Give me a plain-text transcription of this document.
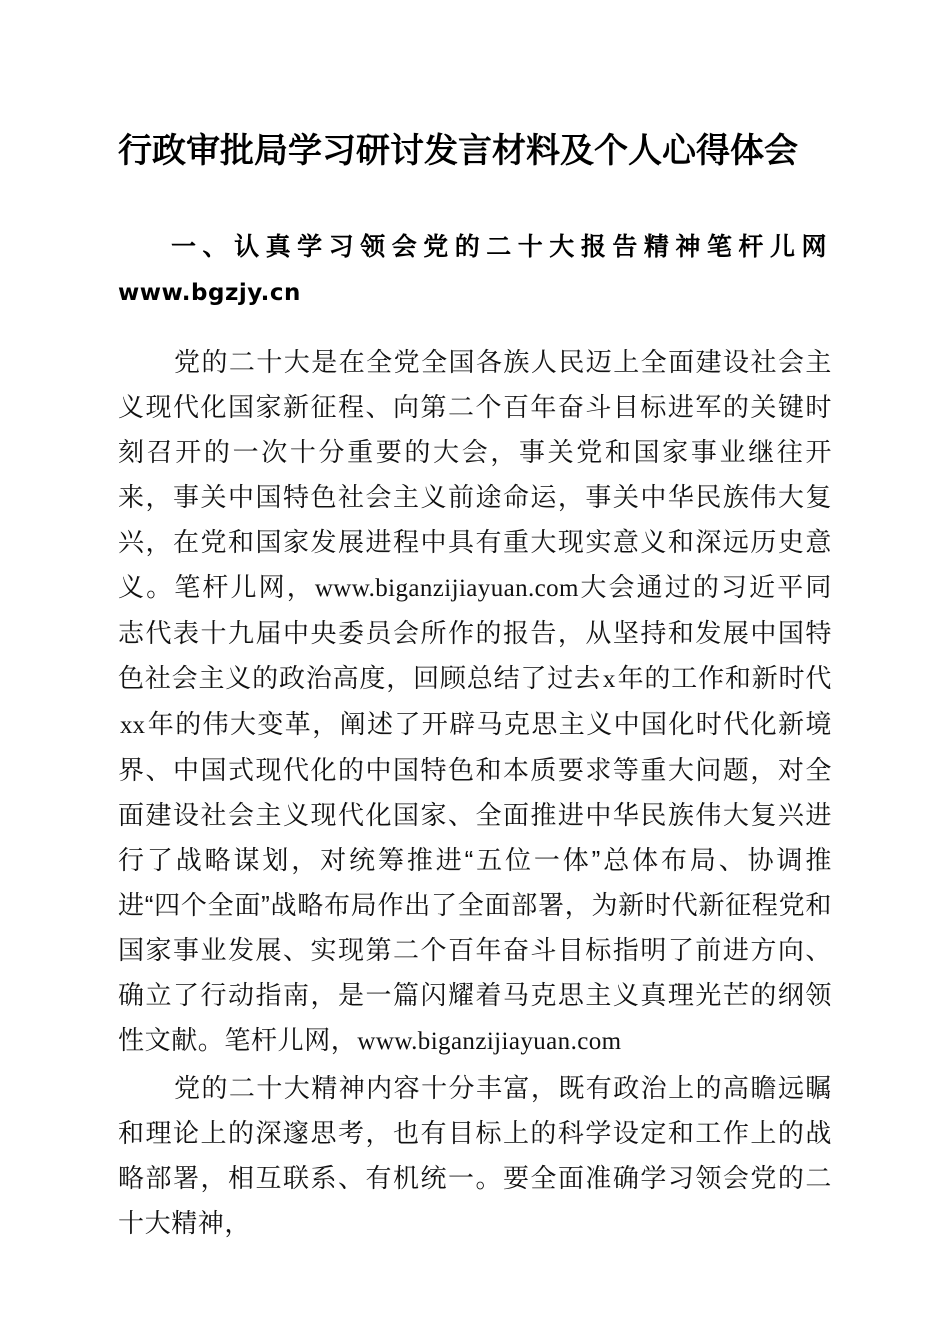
行政审批局学习研讨发言材料及个人心得体会
一、认真学习领会党的二十大报告精神笔杆儿网www.bgzjy.cn

党的二十大是在全党全国各族人民迈上全面建设社会主义现代化国家新征程、向第二个百年奋斗目标进军的关键时刻召开的一次十分重要的大会，事关党和国家事业继往开来，事关中国特色社会主义前途命运，事关中华民族伟大复兴，在党和国家发展进程中具有重大现实意义和深远历史意义。笔杆儿网，www.biganzijiayuan.com大会通过的习近平同志代表十九届中央委员会所作的报告，从坚持和发展中国特色社会主义的政治高度，回顾总结了过去x年的工作和新时代xx年的伟大变革，阐述了开辟马克思主义中国化时代化新境界、中国式现代化的中国特色和本质要求等重大问题，对全面建设社会主义现代化国家、全面推进中华民族伟大复兴进行了战略谋划，对统筹推进“五位一体”总体布局、协调推进“四个全面”战略布局作出了全面部署，为新时代新征程党和国家事业发展、实现第二个百年奋斗目标指明了前进方向、确立了行动指南，是一篇闪耀着马克思主义真理光芒的纲领性文献。笔杆儿网，www.biganzijiayuan.com

党的二十大精神内容十分丰富，既有政治上的高瞻远瞩和理论上的深邃思考，也有目标上的科学设定和工作上的战略部署，相互联系、有机统一。要全面准确学习领会党的二十大精神，
